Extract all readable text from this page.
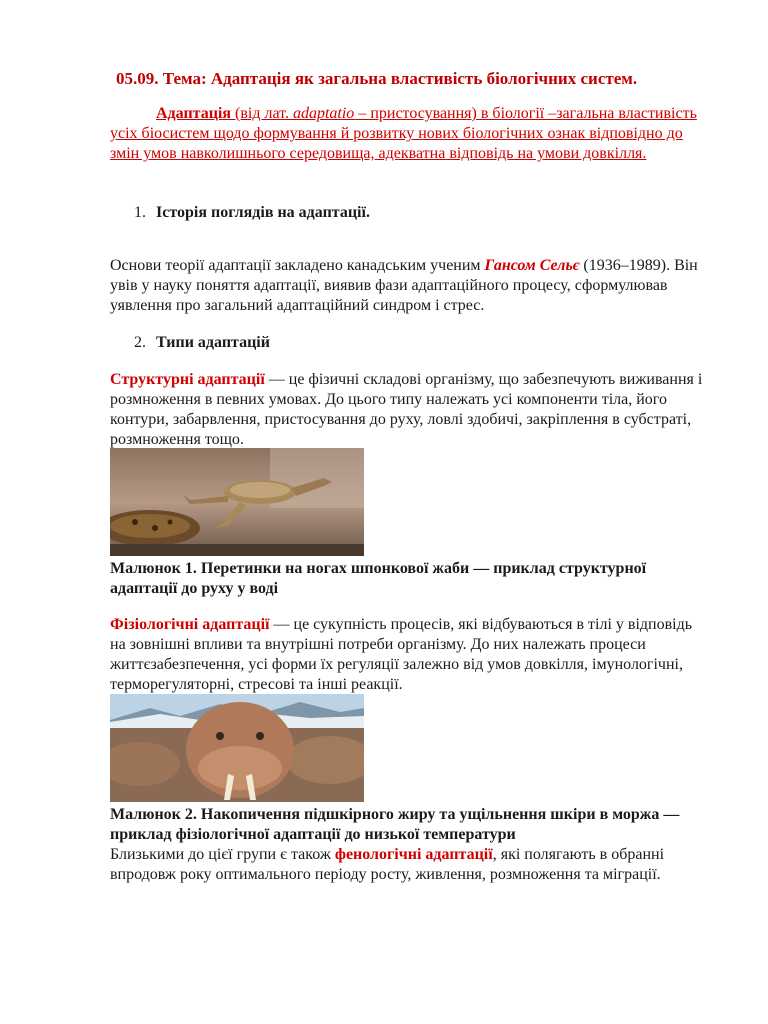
05.09. Тема: Адаптація як загальна властивість біологічних систем.
Адаптація (від лат. adaptatio – пристосування) в біології –загальна властивість усіх біосистем щодо формування й розвитку нових біологічних ознак відповідно до змін умов навколишнього середовища, адекватна відповідь на умови довкілля.
1. Історія поглядів на адаптації.
Основи теорії адаптації закладено канадським ученим Гансом Сельє (1936–1989). Він увів у науку поняття адаптації, виявив фази адаптаційного процесу, сформулював уявлення про загальний адаптаційний синдром і стрес.
2. Типи адаптацій
Структурні адаптації — це фізичні складові організму, що забезпечують виживання і розмноження в певних умовах. До цього типу належать усі компоненти тіла, його контури, забарвлення, пристосування до руху, ловлі здобичі, закріплення в субстраті, розмноження тощо.
Малюнок 1. Перетинки на ногах шпонкової жаби — приклад структурної адаптації до руху у воді
Фізіологічні адаптації — це сукупність процесів, які відбуваються в тілі у відповідь на зовнішні впливи та внутрішні потреби організму. До них належать процеси життєзабезпечення, усі форми їх регуляції залежно від умов довкілля, імунологічні, терморегуляторні, стресові та інші реакції.
Малюнок 2. Накопичення підшкірного жиру та ущільнення шкіри в моржа — приклад фізіологічної адаптації до низької температури
Близькими до цієї групи є також фенологічні адаптації, які полягають в обранні впродовж року оптимального періоду росту, живлення, розмноження та міграції.
